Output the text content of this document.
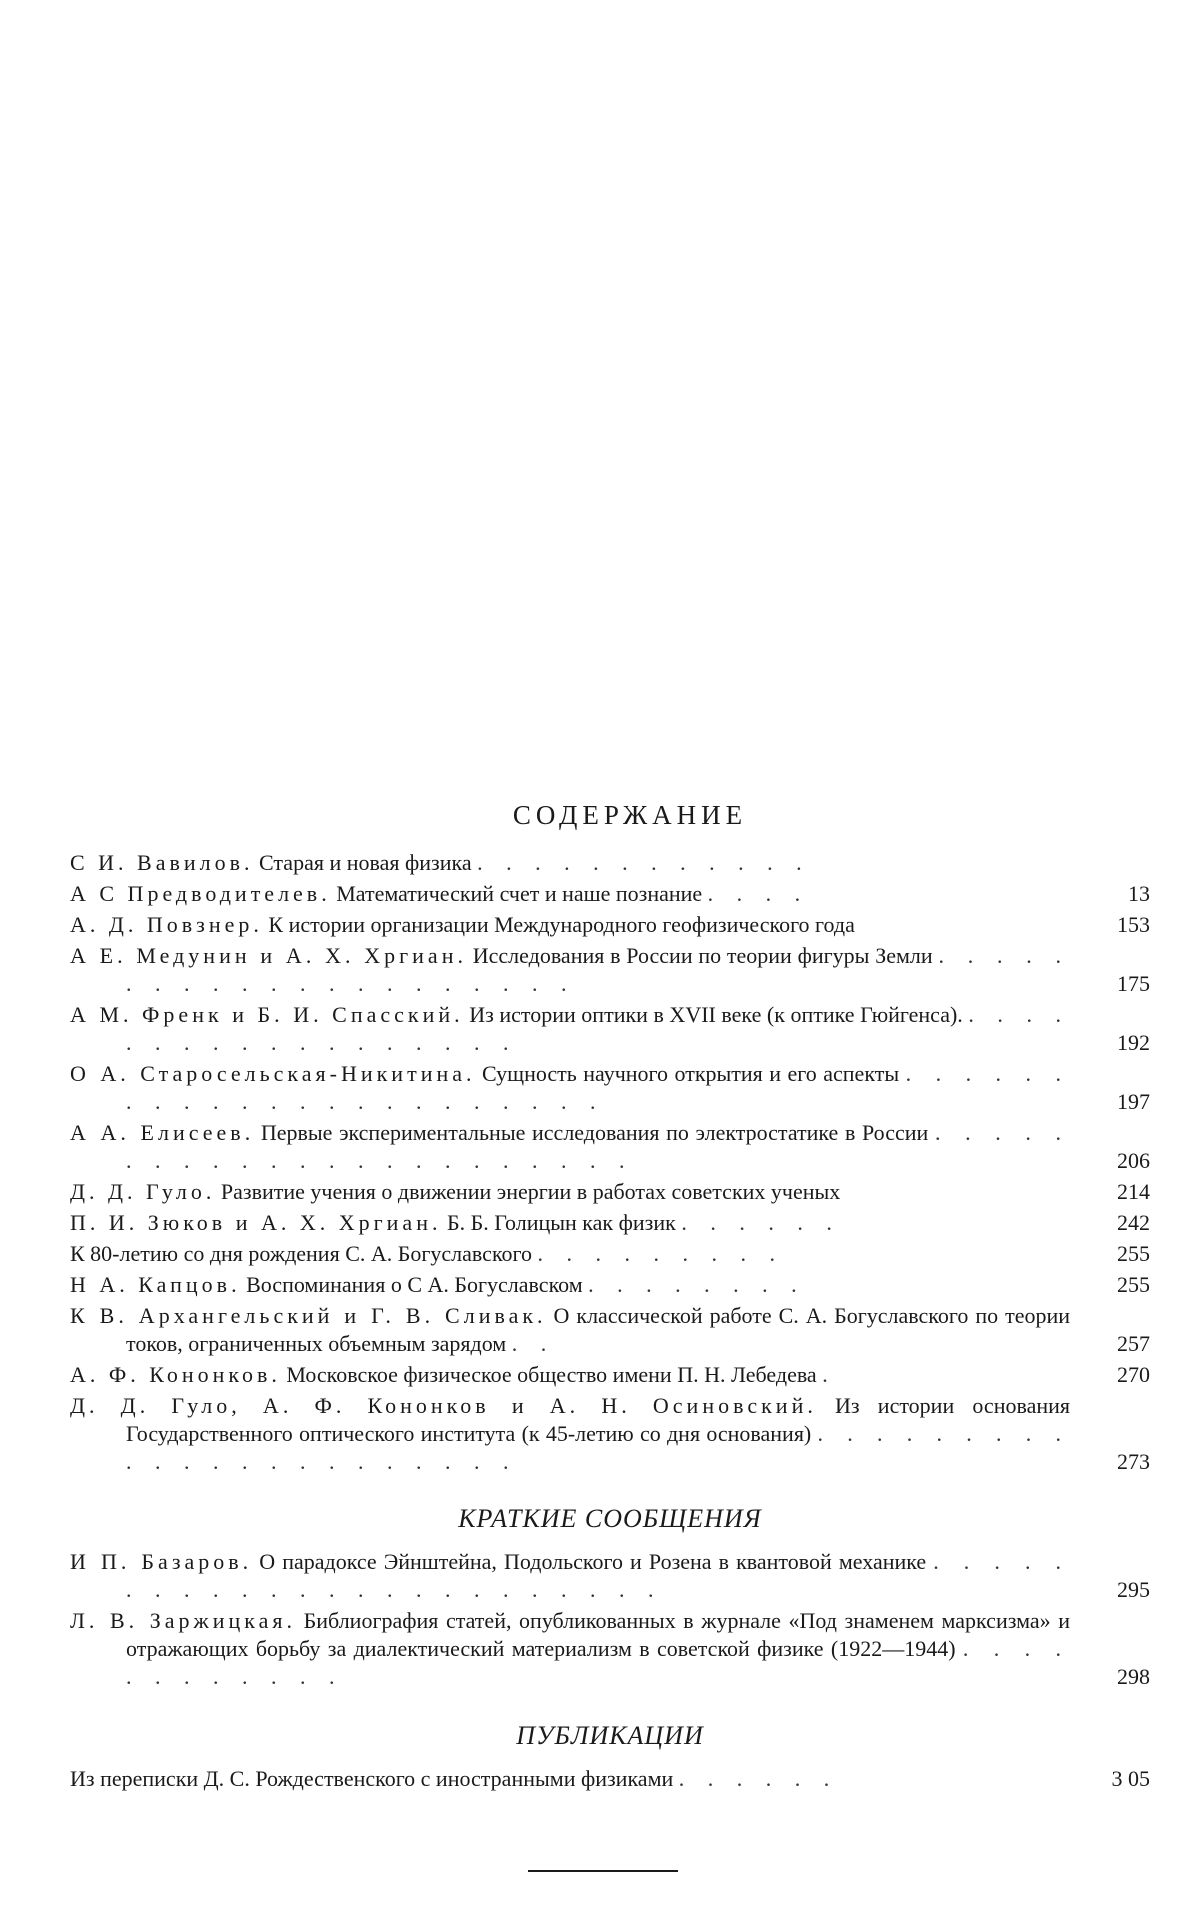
СОДЕРЖАНИЕ
С И. Вавилов. Старая и новая физика . . . . . . . . . . . .
А С Предводителев. Математический счет и наше познание . . . .	13
А. Д. Повзнер. К истории организации Международного геофизического года	153
А Е. Медунин и А. Х. Хргиан. Исследования в России по теории фигуры Земли . . . . . . . . . . . . . . . . . . . . .	175
А М. Френк и Б. И. Спасский. Из истории оптики в XVII веке (к оптике Гюйгенса). . . . . . . . . . . . . . . . . . .	192
О А. Старосельская-Никитина. Сущность научного открытия и его аспекты . . . . . . . . . . . . . . . . . . . . . . .	197
А А. Елисеев. Первые экспериментальные исследования по электростатике в России . . . . . . . . . . . . . . . . . . . . . . .	206
Д. Д. Гуло. Развитие учения о движении энергии в работах советских ученых	214
П. И. Зюков и А. Х. Хргиан. Б. Б. Голицын как физик . . . . . .	242
К 80-летию со дня рождения С. А. Богуславского . . . . . . . . .	255
Н А. Капцов. Воспоминания о С А. Богуславском . . . . . . . .	255
К В. Архангельский и Г. В. Сливак. О классической работе С. А. Богуславского по теории токов, ограниченных объемным зарядом . .	257
А. Ф. Кононков. Московское физическое общество имени П. Н. Лебедева .	270
Д. Д. Гуло, А. Ф. Кононков и А. Н. Осиновский. Из истории основания Государственного оптического института (к 45-летию со дня основания) . . . . . . . . . . . . . . . . . . . . . . .	273
КРАТКИЕ СООБЩЕНИЯ
И П. Базаров. О парадоксе Эйнштейна, Подольского и Розена в квантовой механике . . . . . . . . . . . . . . . . . . . . . . . .	295
Л. В. Заржицкая. Библиография статей, опубликованных в журнале «Под знаменем марксизма» и отражающих борьбу за диалектический материализм в советской физике (1922—1944) . . . . . . . . . . . .	298
ПУБЛИКАЦИИ
Из переписки Д. С. Рождественского с иностранными физиками . . . . . .	3 05
